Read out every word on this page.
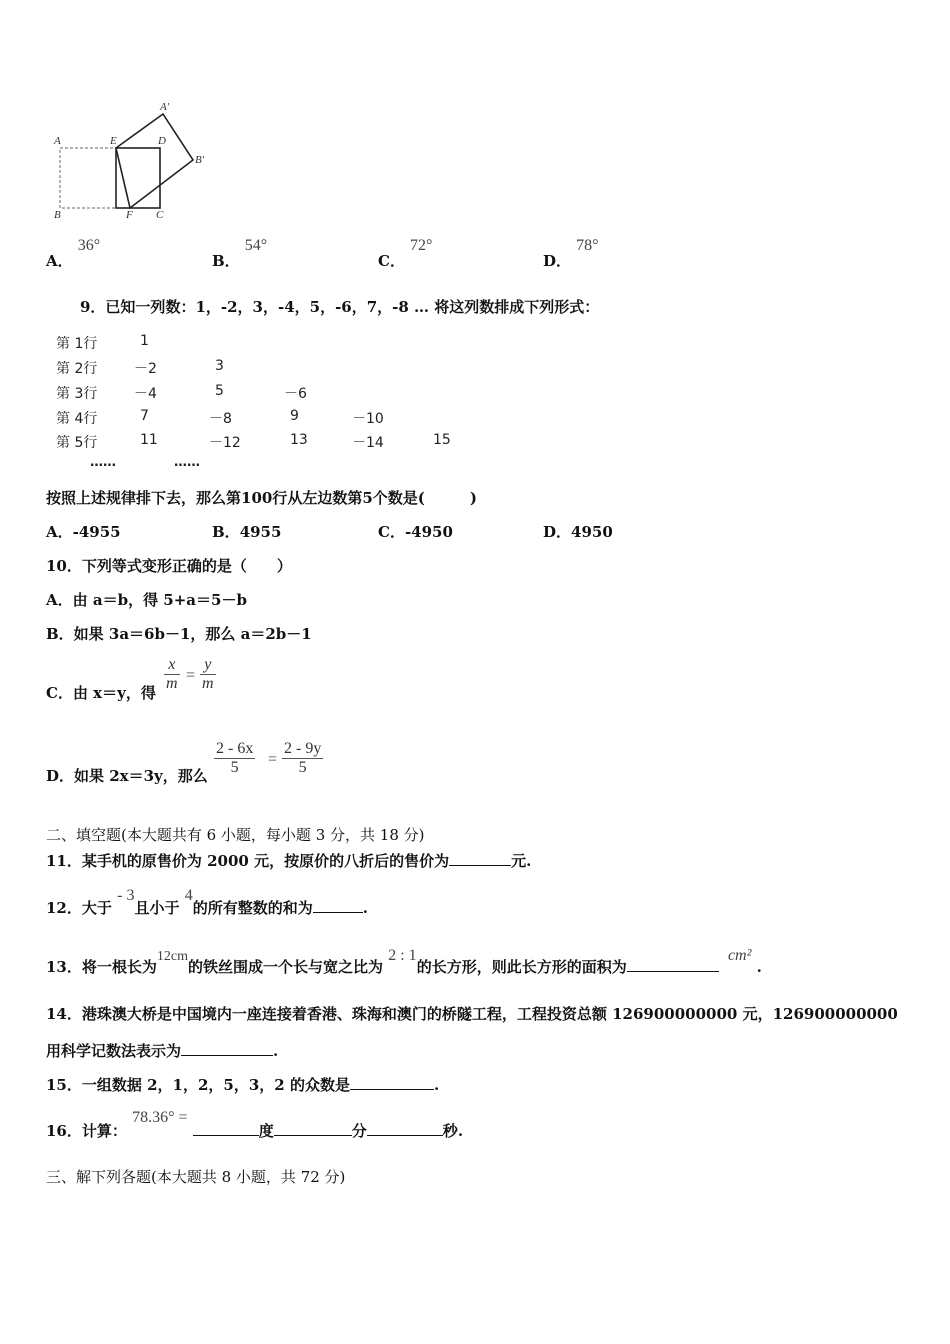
A	E	D
A′
B′
B	F C
A． 36°
B． 54°
C． 72°
D． 78°
9．已知一列数：1，-2，3，-4，5，-6，7，-8 … 将这列数排成下列形式：
第 1行	1
第 2行	－2	3
第 3行	－4	5	－6
第 4行	7	－8	9	－10
第 5行	11	－12	13	－14	15
……	……
按照上述规律排下去，那么第100行从左边数第5个数是(　　　)
A．-4955	B．4955	C．-4950	D．4950
10．下列等式变形正确的是（　　）
A．由 a＝b，得 5+a＝5－b
B．如果 3a＝6b－1，那么 a＝2b－1
C．由 x＝y，得 $\frac{x}{m} = \frac{y}{m}$
D．如果 2x＝3y，那么 $\frac{2 - 6x}{5} = \frac{2 - 9y}{5}$
二、填空题(本大题共有 6 小题，每小题 3 分，共 18 分)
11．某手机的原售价为 2000 元，按原价的八折后的售价为	元.
12．大于 - 3且小于 4的所有整数的和为	.
13．将一根长为12cm的铁丝围成一个长与宽之比为 2 : 1的长方形，则此长方形的面积为 cm² .
14．港珠澳大桥是中国境内一座连接着香港、珠海和澳门的桥隧工程，工程投资总额 126900000000 元，126900000000
用科学记数法表示为	.
15．一组数据 2，1，2，5，3，2 的众数是	.
16．计算： 78.36° = 度	分	秒.
三、解下列各题(本大题共 8 小题，共 72 分)
